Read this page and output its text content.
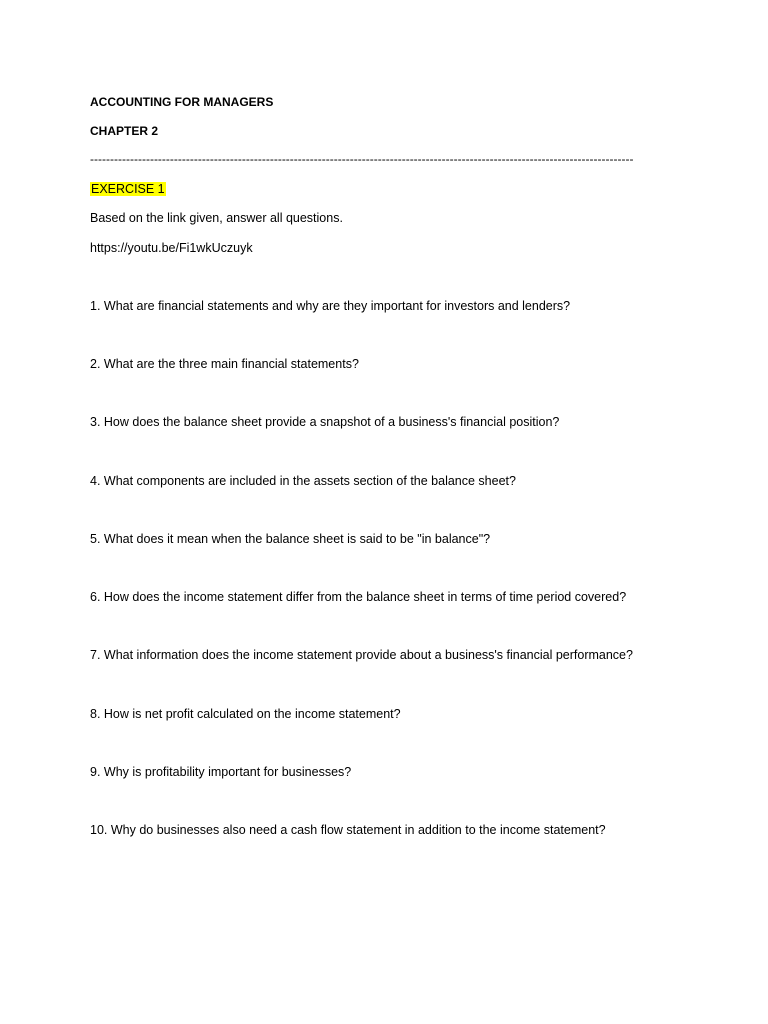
ACCOUNTING FOR MANAGERS
CHAPTER 2
----------------------------------------------------------------------------------------------------------------------------------------
EXERCISE 1
Based on the link given, answer all questions.
https://youtu.be/Fi1wkUczuyk
1. What are financial statements and why are they important for investors and lenders?
2. What are the three main financial statements?
3. How does the balance sheet provide a snapshot of a business's financial position?
4. What components are included in the assets section of the balance sheet?
5. What does it mean when the balance sheet is said to be "in balance"?
6. How does the income statement differ from the balance sheet in terms of time period covered?
7. What information does the income statement provide about a business's financial performance?
8. How is net profit calculated on the income statement?
9. Why is profitability important for businesses?
10. Why do businesses also need a cash flow statement in addition to the income statement?
